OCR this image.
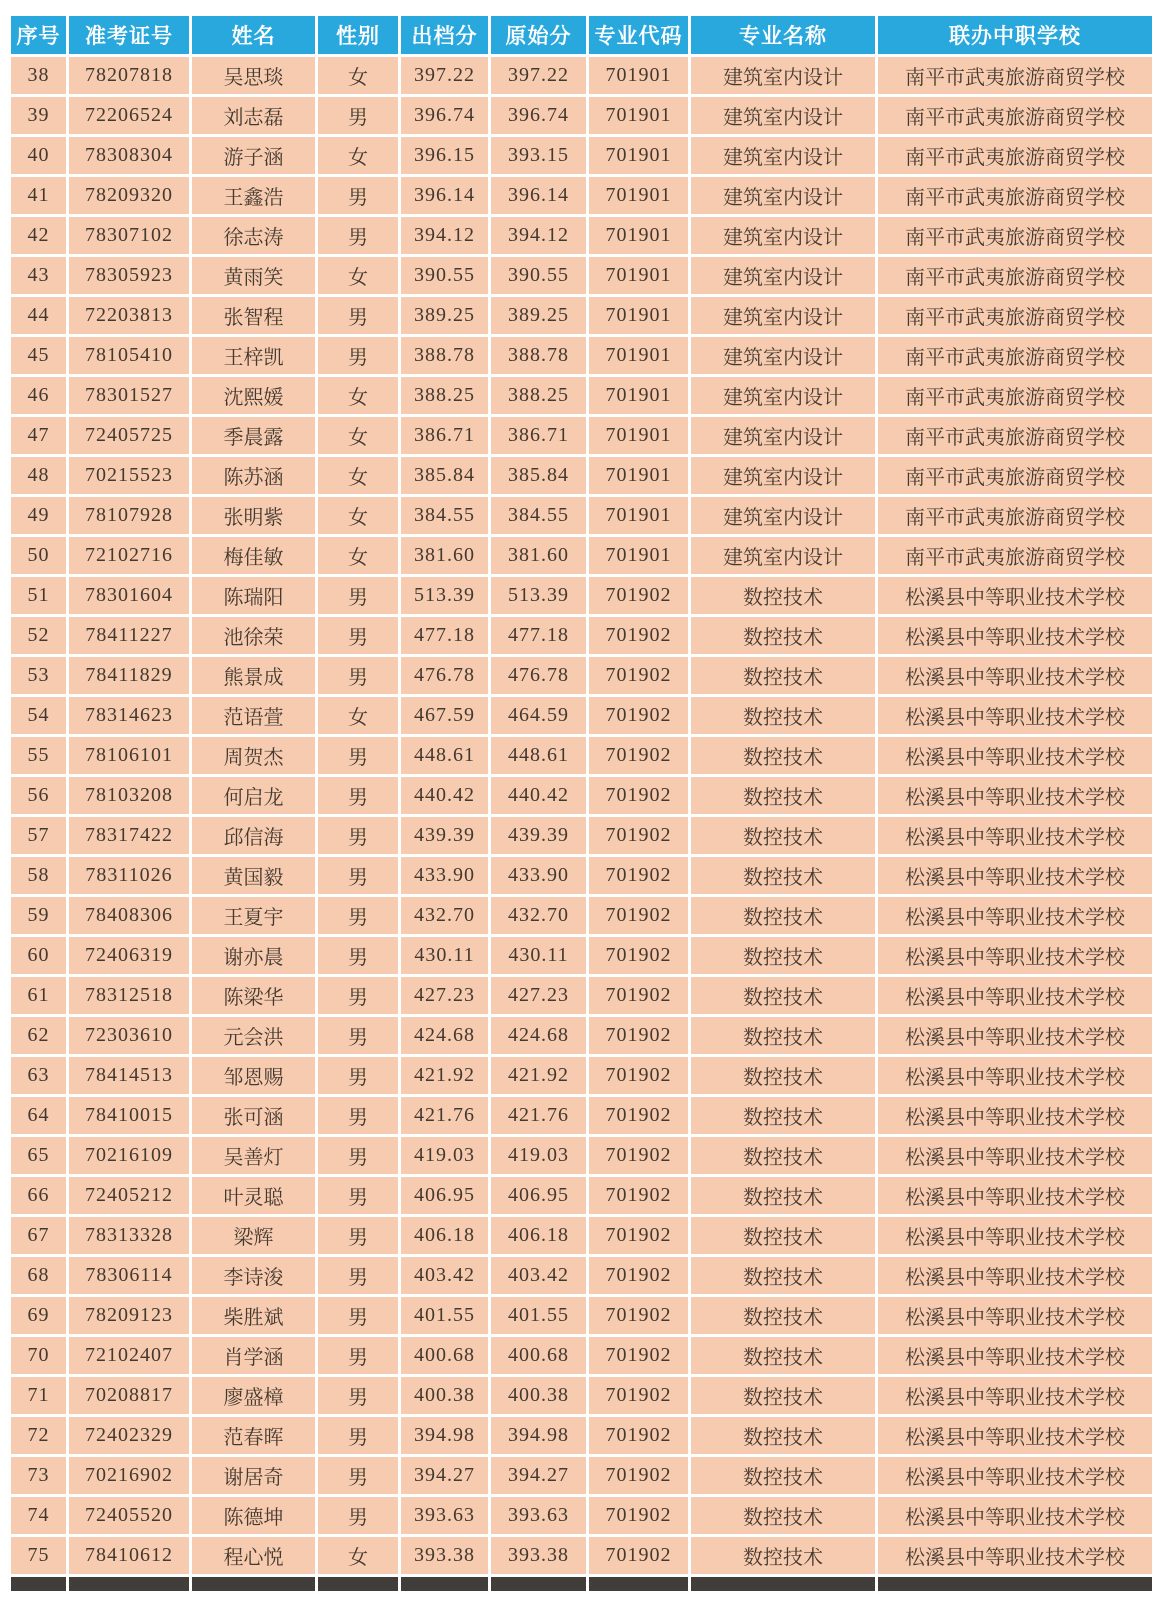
序号	准考证号	姓名	性别	出档分	原始分	专业代码	专业名称	联办中职学校
38	78207818	吴思琰	女	397.22	397.22	701901	建筑室内设计	南平市武夷旅游商贸学校
39	72206524	刘志磊	男	396.74	396.74	701901	建筑室内设计	南平市武夷旅游商贸学校
40	78308304	游子涵	女	396.15	393.15	701901	建筑室内设计	南平市武夷旅游商贸学校
41	78209320	王鑫浩	男	396.14	396.14	701901	建筑室内设计	南平市武夷旅游商贸学校
42	78307102	徐志涛	男	394.12	394.12	701901	建筑室内设计	南平市武夷旅游商贸学校
43	78305923	黄雨笑	女	390.55	390.55	701901	建筑室内设计	南平市武夷旅游商贸学校
44	72203813	张智程	男	389.25	389.25	701901	建筑室内设计	南平市武夷旅游商贸学校
45	78105410	王梓凯	男	388.78	388.78	701901	建筑室内设计	南平市武夷旅游商贸学校
46	78301527	沈熙媛	女	388.25	388.25	701901	建筑室内设计	南平市武夷旅游商贸学校
47	72405725	季晨露	女	386.71	386.71	701901	建筑室内设计	南平市武夷旅游商贸学校
48	70215523	陈苏涵	女	385.84	385.84	701901	建筑室内设计	南平市武夷旅游商贸学校
49	78107928	张明紫	女	384.55	384.55	701901	建筑室内设计	南平市武夷旅游商贸学校
50	72102716	梅佳敏	女	381.60	381.60	701901	建筑室内设计	南平市武夷旅游商贸学校
51	78301604	陈瑞阳	男	513.39	513.39	701902	数控技术	松溪县中等职业技术学校
52	78411227	池徐荣	男	477.18	477.18	701902	数控技术	松溪县中等职业技术学校
53	78411829	熊景成	男	476.78	476.78	701902	数控技术	松溪县中等职业技术学校
54	78314623	范语萱	女	467.59	464.59	701902	数控技术	松溪县中等职业技术学校
55	78106101	周贺杰	男	448.61	448.61	701902	数控技术	松溪县中等职业技术学校
56	78103208	何启龙	男	440.42	440.42	701902	数控技术	松溪县中等职业技术学校
57	78317422	邱信海	男	439.39	439.39	701902	数控技术	松溪县中等职业技术学校
58	78311026	黄国毅	男	433.90	433.90	701902	数控技术	松溪县中等职业技术学校
59	78408306	王夏宇	男	432.70	432.70	701902	数控技术	松溪县中等职业技术学校
60	72406319	谢亦晨	男	430.11	430.11	701902	数控技术	松溪县中等职业技术学校
61	78312518	陈梁华	男	427.23	427.23	701902	数控技术	松溪县中等职业技术学校
62	72303610	元会洪	男	424.68	424.68	701902	数控技术	松溪县中等职业技术学校
63	78414513	邹恩赐	男	421.92	421.92	701902	数控技术	松溪县中等职业技术学校
64	78410015	张可涵	男	421.76	421.76	701902	数控技术	松溪县中等职业技术学校
65	70216109	吴善灯	男	419.03	419.03	701902	数控技术	松溪县中等职业技术学校
66	72405212	叶灵聪	男	406.95	406.95	701902	数控技术	松溪县中等职业技术学校
67	78313328	梁辉	男	406.18	406.18	701902	数控技术	松溪县中等职业技术学校
68	78306114	李诗浚	男	403.42	403.42	701902	数控技术	松溪县中等职业技术学校
69	78209123	柴胜斌	男	401.55	401.55	701902	数控技术	松溪县中等职业技术学校
70	72102407	肖学涵	男	400.68	400.68	701902	数控技术	松溪县中等职业技术学校
71	70208817	廖盛樟	男	400.38	400.38	701902	数控技术	松溪县中等职业技术学校
72	72402329	范春晖	男	394.98	394.98	701902	数控技术	松溪县中等职业技术学校
73	70216902	谢居奇	男	394.27	394.27	701902	数控技术	松溪县中等职业技术学校
74	72405520	陈德坤	男	393.63	393.63	701902	数控技术	松溪县中等职业技术学校
75	78410612	程心悦	女	393.38	393.38	701902	数控技术	松溪县中等职业技术学校
